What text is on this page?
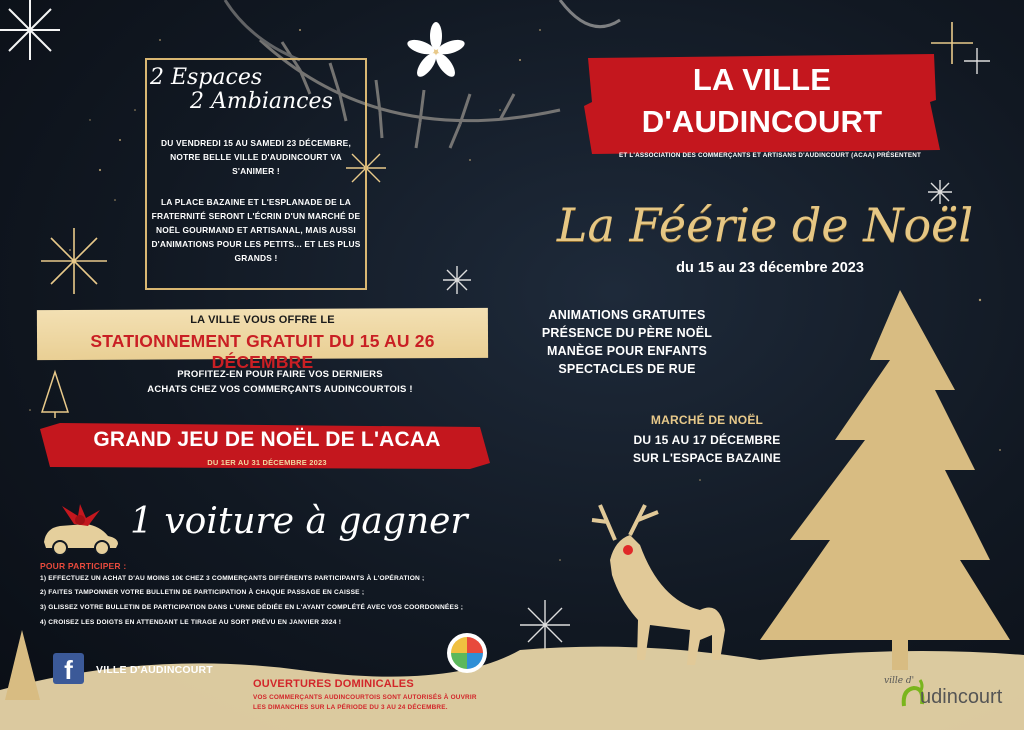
2 Espaces
2 Ambiances
DU VENDREDI 15 AU SAMEDI 23 DÉCEMBRE, NOTRE BELLE VILLE D'AUDINCOURT VA S'ANIMER !
LA PLACE BAZAINE ET L'ESPLANADE DE LA FRATERNITÉ SERONT L'ÉCRIN D'UN MARCHÉ DE NOËL GOURMAND ET ARTISANAL, MAIS AUSSI D'ANIMATIONS POUR LES PETITS... ET LES PLUS GRANDS !
LA VILLE VOUS OFFRE LE
STATIONNEMENT GRATUIT DU 15 AU 26 DÉCEMBRE
PROFITEZ-EN POUR FAIRE VOS DERNIERS
ACHATS CHEZ VOS COMMERÇANTS AUDINCOURTOIS !
GRAND JEU DE NOËL DE L'ACAA
DU 1ER AU 31 DÉCEMBRE 2023
1 voiture à gagner
POUR PARTICIPER :
1) EFFECTUEZ UN ACHAT D'AU MOINS 10€ CHEZ 3 COMMERÇANTS DIFFÉRENTS PARTICIPANTS À L'OPÉRATION ;
2) FAITES TAMPONNER VOTRE BULLETIN DE PARTICIPATION À CHAQUE PASSAGE EN CAISSE ;
3) GLISSEZ VOTRE BULLETIN DE PARTICIPATION DANS L'URNE DÉDIÉE EN L'AYANT COMPLÉTÉ AVEC VOS COORDONNÉES ;
4) CROISEZ LES DOIGTS EN ATTENDANT LE TIRAGE AU SORT PRÉVU EN JANVIER 2024 !
f	VILLE D'AUDINCOURT
OUVERTURES DOMINICALES
VOS COMMERÇANTS AUDINCOURTOIS SONT AUTORISÉS À OUVRIR LES DIMANCHES SUR LA PÉRIODE DU 3 AU 24 DÉCEMBRE.
LA VILLE
D'AUDINCOURT
ET L'ASSOCIATION DES COMMERÇANTS ET ARTISANS D'AUDINCOURT (ACAA) PRÉSENTENT
La Féérie de Noël
du 15 au 23 décembre 2023
ANIMATIONS GRATUITES
PRÉSENCE DU PÈRE NOËL
MANÈGE POUR ENFANTS
SPECTACLES DE RUE
MARCHÉ DE NOËL
DU 15 AU 17 DÉCEMBRE
SUR L'ESPACE BAZAINE
ville d'
udincourt
